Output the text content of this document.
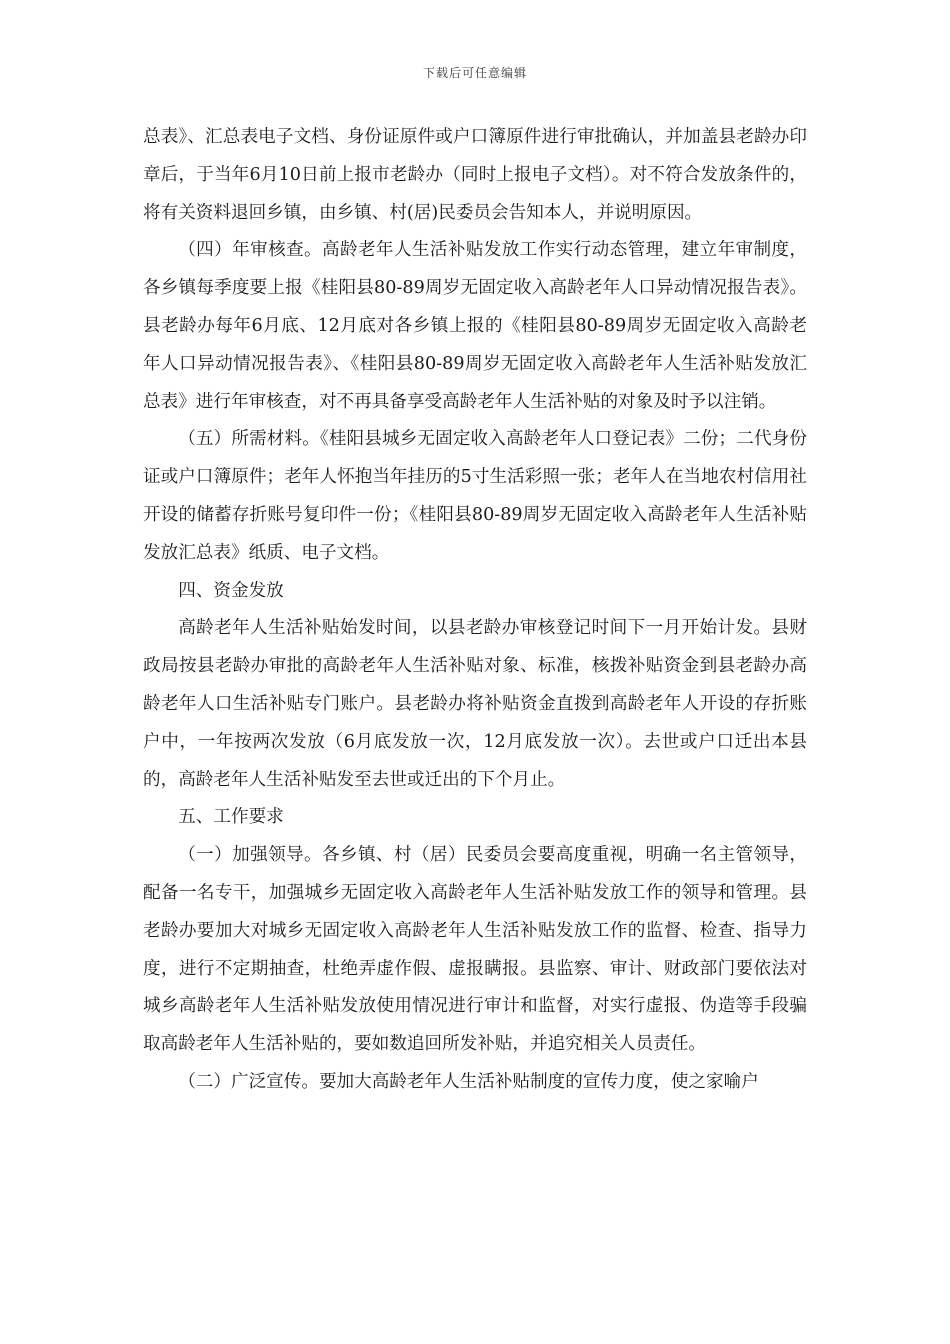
下载后可任意编辑

总表》、汇总表电子文档、身份证原件或户口簿原件进行审批确认，并加盖县老龄办印章后，于当年6月10日前上报市老龄办（同时上报电子文档）。对不符合发放条件的，将有关资料退回乡镇，由乡镇、村(居)民委员会告知本人，并说明原因。

（四）年审核查。高龄老年人生活补贴发放工作实行动态管理，建立年审制度，各乡镇每季度要上报《桂阳县80-89周岁无固定收入高龄老年人口异动情况报告表》。县老龄办每年6月底、12月底对各乡镇上报的《桂阳县80-89周岁无固定收入高龄老年人口异动情况报告表》、《桂阳县80-89周岁无固定收入高龄老年人生活补贴发放汇总表》进行年审核查，对不再具备享受高龄老年人生活补贴的对象及时予以注销。

（五）所需材料。《桂阳县城乡无固定收入高龄老年人口登记表》二份；二代身份证或户口簿原件；老年人怀抱当年挂历的5寸生活彩照一张；老年人在当地农村信用社开设的储蓄存折账号复印件一份；《桂阳县80-89周岁无固定收入高龄老年人生活补贴发放汇总表》纸质、电子文档。

四、资金发放

高龄老年人生活补贴始发时间，以县老龄办审核登记时间下一月开始计发。县财政局按县老龄办审批的高龄老年人生活补贴对象、标准，核拨补贴资金到县老龄办高龄老年人口生活补贴专门账户。县老龄办将补贴资金直拨到高龄老年人开设的存折账户中，一年按两次发放（6月底发放一次，12月底发放一次）。去世或户口迁出本县的，高龄老年人生活补贴发至去世或迁出的下个月止。

五、工作要求

（一）加强领导。各乡镇、村（居）民委员会要高度重视，明确一名主管领导，配备一名专干，加强城乡无固定收入高龄老年人生活补贴发放工作的领导和管理。县老龄办要加大对城乡无固定收入高龄老年人生活补贴发放工作的监督、检查、指导力度，进行不定期抽查，杜绝弄虚作假、虚报瞒报。县监察、审计、财政部门要依法对城乡高龄老年人生活补贴发放使用情况进行审计和监督，对实行虚报、伪造等手段骗取高龄老年人生活补贴的，要如数追回所发补贴，并追究相关人员责任。

（二）广泛宣传。要加大高龄老年人生活补贴制度的宣传力度，使之家喻户
